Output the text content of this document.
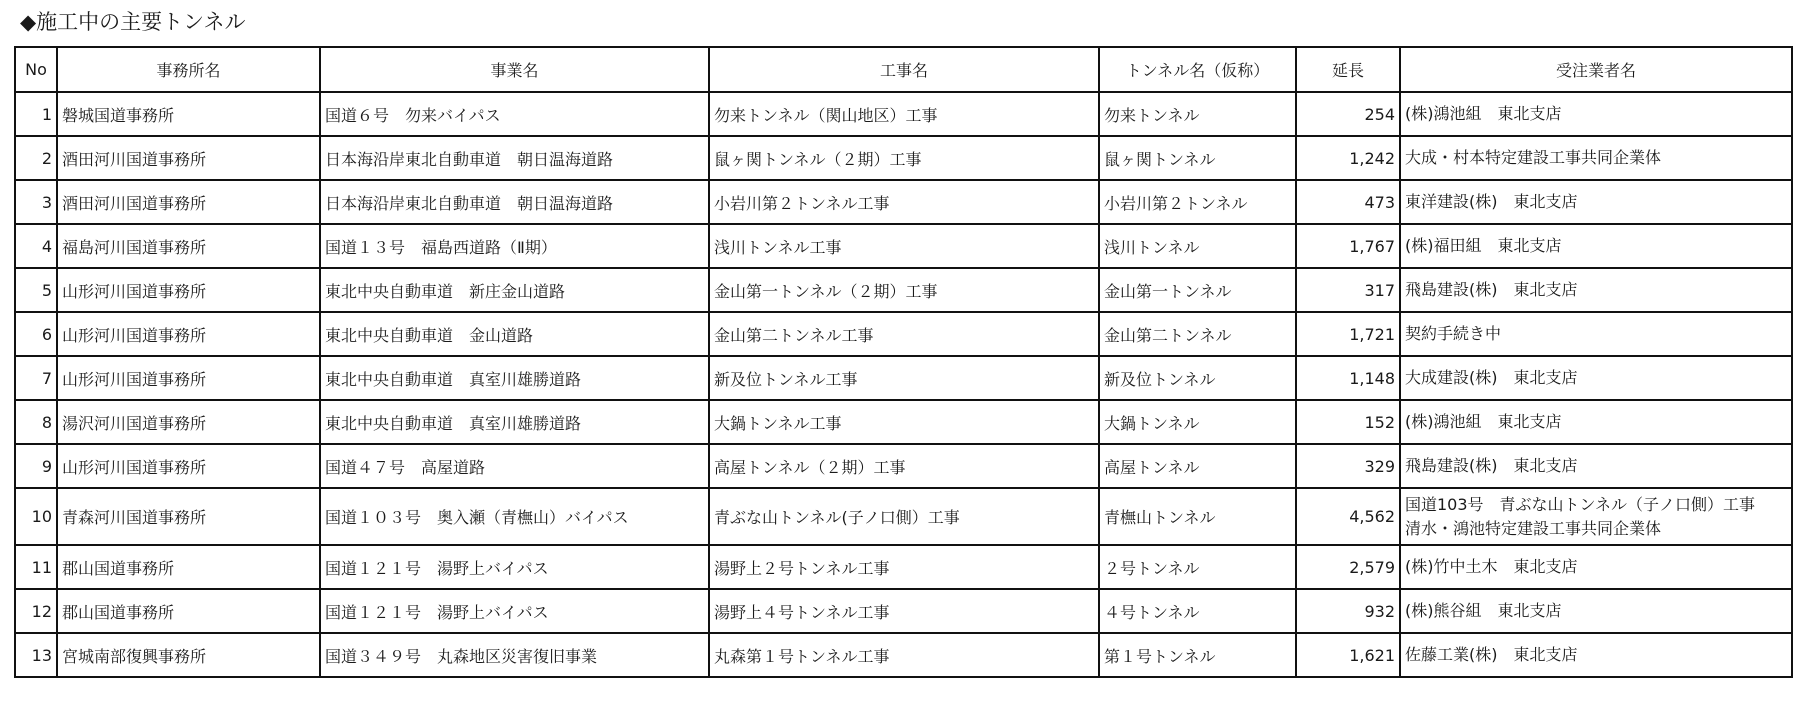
◆施工中の主要トンネル
No	事務所名	事業名	工事名	トンネル名（仮称）	延長	受注業者名
1	磐城国道事務所	国道６号　勿来バイパス	勿来トンネル（関山地区）工事	勿来トンネル	254	(株)鴻池組　東北支店

2	酒田河川国道事務所	日本海沿岸東北自動車道　朝日温海道路	鼠ヶ関トンネル（２期）工事	鼠ヶ関トンネル	1,242	大成・村本特定建設工事共同企業体

3	酒田河川国道事務所	日本海沿岸東北自動車道　朝日温海道路	小岩川第２トンネル工事	小岩川第２トンネル	473	東洋建設(株)　東北支店

4	福島河川国道事務所	国道１３号　福島西道路（Ⅱ期）	浅川トンネル工事	浅川トンネル	1,767	(株)福田組　東北支店

5	山形河川国道事務所	東北中央自動車道　新庄金山道路	金山第一トンネル（２期）工事	金山第一トンネル	317	飛島建設(株)　東北支店

6	山形河川国道事務所	東北中央自動車道　金山道路	金山第二トンネル工事	金山第二トンネル	1,721	契約手続き中

7	山形河川国道事務所	東北中央自動車道　真室川雄勝道路	新及位トンネル工事	新及位トンネル	1,148	大成建設(株)　東北支店

8	湯沢河川国道事務所	東北中央自動車道　真室川雄勝道路	大鍋トンネル工事	大鍋トンネル	152	(株)鴻池組　東北支店

9	山形河川国道事務所	国道４７号　高屋道路	高屋トンネル（２期）工事	高屋トンネル	329	飛島建設(株)　東北支店

10	青森河川国道事務所	国道１０３号　奥入瀬（青橅山）バイパス	青ぶな山トンネル(子ノ口側）工事	青橅山トンネル	4,562	国道103号　青ぶな山トンネル（子ノ口側）工事
清水・鴻池特定建設工事共同企業体

11	郡山国道事務所	国道１２１号　湯野上バイパス	湯野上２号トンネル工事	２号トンネル	2,579	(株)竹中土木　東北支店

12	郡山国道事務所	国道１２１号　湯野上バイパス	湯野上４号トンネル工事	４号トンネル	932	(株)熊谷組　東北支店

13	宮城南部復興事務所	国道３４９号　丸森地区災害復旧事業	丸森第１号トンネル工事	第１号トンネル	1,621	佐藤工業(株)　東北支店
